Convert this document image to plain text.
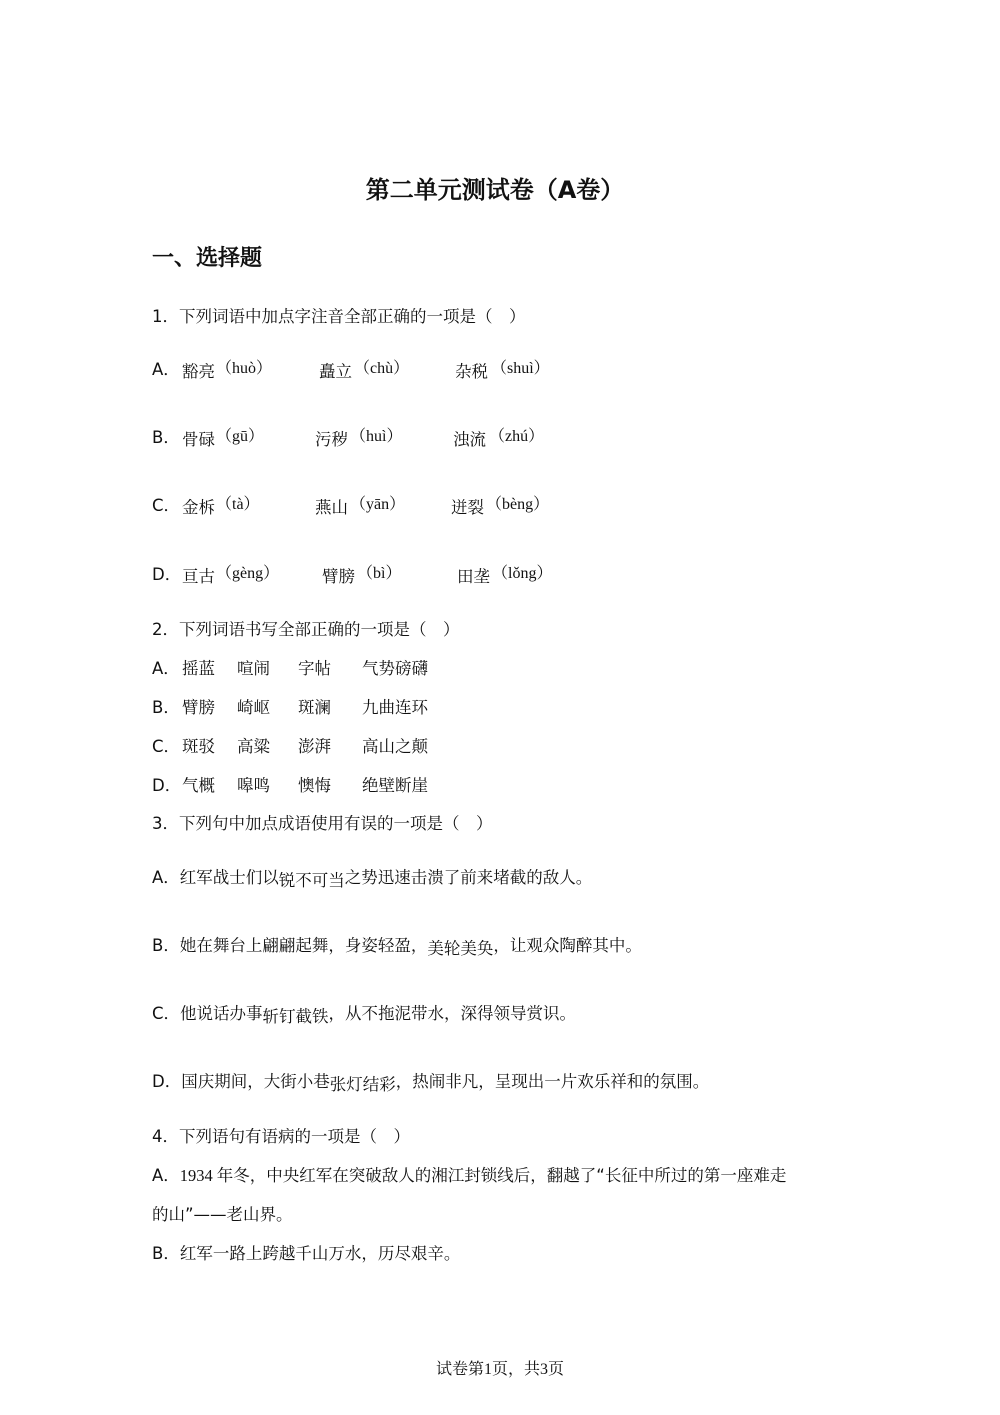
第二单元测试卷（A卷）
一、选择题
1．下列词语中加点字注音全部正确的一项是（　）
A． 豁亮 （huò）	矗立 （chù）	杂税 （shuì）
B． 骨碌 （gū）	污秽 （huì）	浊流 （zhú）
C． 金柝 （tà）	燕山 （yān）	迸裂 （bèng）
D． 亘古 （gèng）	臂膀 （bì）	田垄 （lǒng）
2．下列词语书写全部正确的一项是（　）
A． 摇蓝 喧闹 字帖 气势磅礴
B． 臂膀 崎岖 斑澜 九曲连环
C． 斑驳 高粱 澎湃 高山之颠
D． 气概 嗥鸣 懊悔 绝壁断崖
3．下列句中加点成语使用有误的一项是（　）
A．红军战士们以锐不可当之势迅速击溃了前来堵截的敌人。
B．她在舞台上翩翩起舞，身姿轻盈，美轮美奂，让观众陶醉其中。
C．他说话办事斩钉截铁，从不拖泥带水，深得领导赏识。
D．国庆期间，大街小巷张灯结彩，热闹非凡，呈现出一片欢乐祥和的氛围。
4．下列语句有语病的一项是（　）
A．1934 年冬，中央红军在突破敌人的湘江封锁线后，翻越了“长征中所过的第一座难走
的山”——老山界。
B．红军一路上跨越千山万水，历尽艰辛。
试卷第1页，共3页
